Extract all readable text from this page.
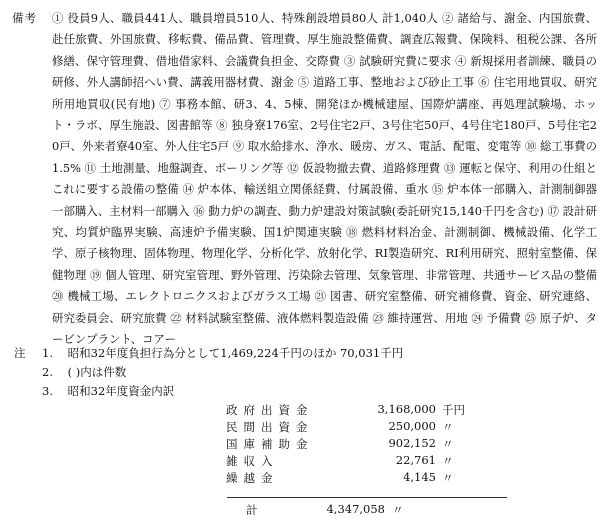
備考	① 役員9人、職員441人、職員増員510人、特殊創設増員80人 計1,040人 ② 諸給与、謝金、内国旅費、赴任旅費、外国旅費、移転費、備品費、管理費、厚生施設整備費、調査広報費、保険料、租税公課、各所修繕、保守管理費、借地借家料、会議費負担金、交際費 ③ 試験研究費に要求 ④ 新規採用者訓練、職員の研修、外人講師招へい費、講義用器材費、謝金 ⑤ 道路工事、整地および砂止工事 ⑥ 住宅用地買収、研究所用地買収(民有地) ⑦ 事務本館、研3、4、5棟、開発ほか機械建屋、国際炉講座、再処理試験場、ホット・ラボ、厚生施設、図書館等 ⑧ 独身寮176室、2号住宅2戸、3号住宅50戸、4号住宅180戸、5号住宅20戸、外来者寮40室、外人住宅5戸 ⑨ 取水給排水、浄水、暖房、ガス、電話、配電、変電等 ⑩ 総工事費の1.5% ⑪ 土地測量、地盤調査、ボーリング等 ⑫ 仮設物撤去費、道路修理費 ⑬ 運転と保守、利用の仕組とこれに要する設備の整備 ⑭ 炉本体、輸送組立関係経費、付属設備、重水 ⑮ 炉本体一部購入、計測制御器一部購入、主材料一部購入 ⑯ 動力炉の調査、動力炉建設対策試験(委託研究15,140千円を含む) ⑰ 設計研究、均質炉臨界実験、高速炉予備実験、国1炉関連実験 ⑱ 燃料材料冶金、計測制御、機械設備、化学工学、原子核物理、固体物理、物理化学、分析化学、放射化学、RI製造研究、RI利用研究、照射室整備、保健物理 ⑲ 個人管理、研究室管理、野外管理、汚染除去管理、気象管理、非常管理、共通サービス品の整備 ⑳ 機械工場、エレクトロニクスおよびガラス工場 ㉑ 図書、研究室整備、研究補修費、資金、研究連絡、研究委員会、研究旅費 ㉒ 材料試験室整備、液体燃料製造設備 ㉓ 維持運営、用地 ㉔ 予備費 ㉕ 原子炉、タービンプラント、コアー
注 1. 昭和32年度負担行為分として1,469,224千円のほか 70,031千円
2. ( )内は件数
3. 昭和32年度資金内訳
政府出資金	3,168,000 千円
民間出資金	250,000 〃
国庫補助金	902,152 〃
雑収入	22,761 〃
繰越金	4,145 〃
計	4,347,058 〃
